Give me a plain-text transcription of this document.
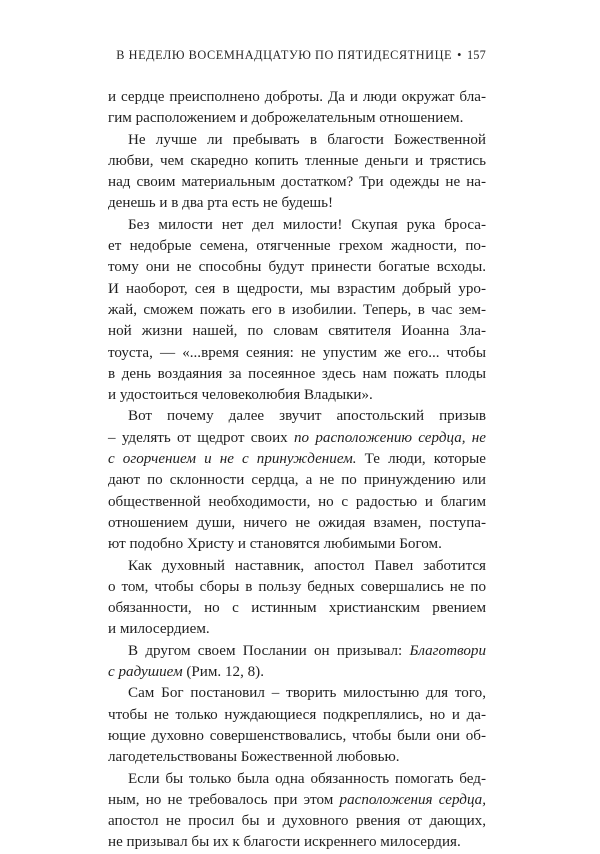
В НЕДЕЛЮ ВОСЕМНАДЦАТУЮ ПО ПЯТИДЕСЯТНИЦЕ • 157
и сердце преисполнено доброты. Да и люди окружат бла-
гим расположением и доброжелательным отношением.
Не лучше ли пребывать в благости Божественной
любви, чем скаредно копить тленные деньги и трястись
над своим материальным достатком? Три одежды не на-
денешь и в два рта есть не будешь!
Без милости нет дел милости! Скупая рука броса-
ет недобрые семена, отягченные грехом жадности, по-
тому они не способны будут принести богатые всходы.
И наоборот, сея в щедрости, мы взрастим добрый уро-
жай, сможем пожать его в изобилии. Теперь, в час зем-
ной жизни нашей, по словам святителя Иоанна Зла-
тоуста, — «...время сеяния: не упустим же его... чтобы
в день воздаяния за посеянное здесь нам пожать плоды
и удостоиться человеколюбия Владыки».
Вот почему далее звучит апостольский призыв
– уделять от щедрот своих по расположению сердца, не
с огорчением и не с принуждением. Те люди, которые
дают по склонности сердца, а не по принуждению или
общественной необходимости, но с радостью и благим
отношением души, ничего не ожидая взамен, поступа-
ют подобно Христу и становятся любимыми Богом.
Как духовный наставник, апостол Павел заботится
о том, чтобы сборы в пользу бедных совершались не по
обязанности, но с истинным христианским рвением
и милосердием.
В другом своем Послании он призывал: Благотвори
с радушием (Рим. 12, 8).
Сам Бог постановил – творить милостыню для того,
чтобы не только нуждающиеся подкреплялись, но и да-
ющие духовно совершенствовались, чтобы были они об-
лагодетельствованы Божественной любовью.
Если бы только была одна обязанность помогать бед-
ным, но не требовалось при этом расположения сердца,
апостол не просил бы и духовного рвения от дающих,
не призывал бы их к благости искреннего милосердия.
